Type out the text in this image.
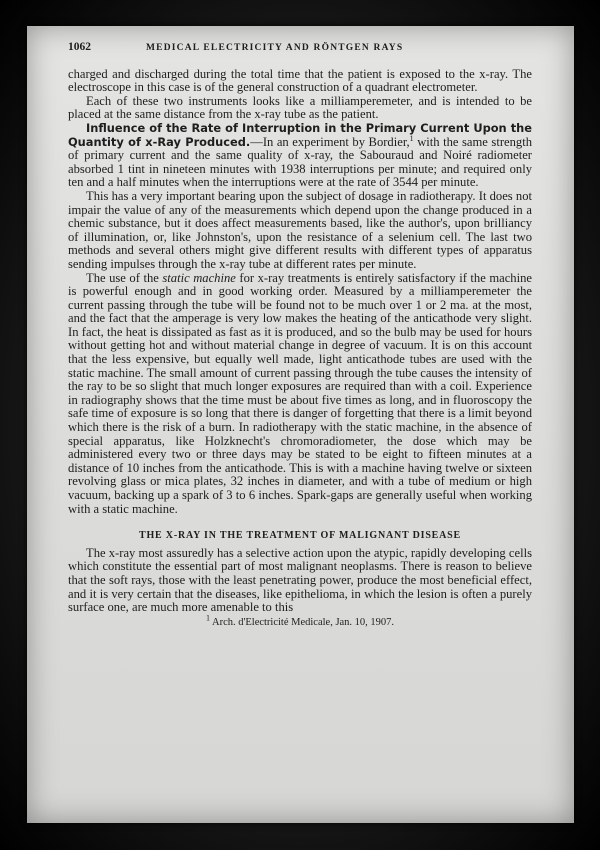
1062	MEDICAL ELECTRICITY AND RÖNTGEN RAYS

charged and discharged during the total time that the patient is exposed to the x-ray. The electroscope in this case is of the general construction of a quadrant electrometer.

Each of these two instruments looks like a milliamperemeter, and is intended to be placed at the same distance from the x-ray tube as the patient.

Influence of the Rate of Interruption in the Primary Current Upon the Quantity of x-Ray Produced.—In an experiment by Bordier,$^1$ with the same strength of primary current and the same quality of x-ray, the Sabouraud and Noiré radiometer absorbed 1 tint in nineteen minutes with 1938 interruptions per minute; and required only ten and a half minutes when the interruptions were at the rate of 3544 per minute.

This has a very important bearing upon the subject of dosage in radiotherapy. It does not impair the value of any of the measurements which depend upon the change produced in a chemic substance, but it does affect measurements based, like the author's, upon brilliancy of illumination, or, like Johnston's, upon the resistance of a selenium cell. The last two methods and several others might give different results with different types of apparatus sending impulses through the x-ray tube at different rates per minute.

The use of the static machine for x-ray treatments is entirely satisfactory if the machine is powerful enough and in good working order. Measured by a milliamperemeter the current passing through the tube will be found not to be much over 1 or 2 ma. at the most, and the fact that the amperage is very low makes the heating of the anticathode very slight. In fact, the heat is dissipated as fast as it is produced, and so the bulb may be used for hours without getting hot and without material change in degree of vacuum. It is on this account that the less expensive, but equally well made, light anticathode tubes are used with the static machine. The small amount of current passing through the tube causes the intensity of the ray to be so slight that much longer exposures are required than with a coil. Experience in radiography shows that the time must be about five times as long, and in fluoroscopy the safe time of exposure is so long that there is danger of forgetting that there is a limit beyond which there is the risk of a burn. In radiotherapy with the static machine, in the absence of special apparatus, like Holzknecht's chromoradiometer, the dose which may be administered every two or three days may be stated to be eight to fifteen minutes at a distance of 10 inches from the anticathode. This is with a machine having twelve or sixteen revolving glass or mica plates, 32 inches in diameter, and with a tube of medium or high vacuum, backing up a spark of 3 to 6 inches. Spark-gaps are generally useful when working with a static machine.

THE X-RAY IN THE TREATMENT OF MALIGNANT DISEASE

The x-ray most assuredly has a selective action upon the atypic, rapidly developing cells which constitute the essential part of most malignant neoplasms. There is reason to believe that the soft rays, those with the least penetrating power, produce the most beneficial effect, and it is very certain that the diseases, like epithelioma, in which the lesion is often a purely surface one, are much more amenable to this

$^1$ Arch. d'Electricité Medicale, Jan. 10, 1907.
